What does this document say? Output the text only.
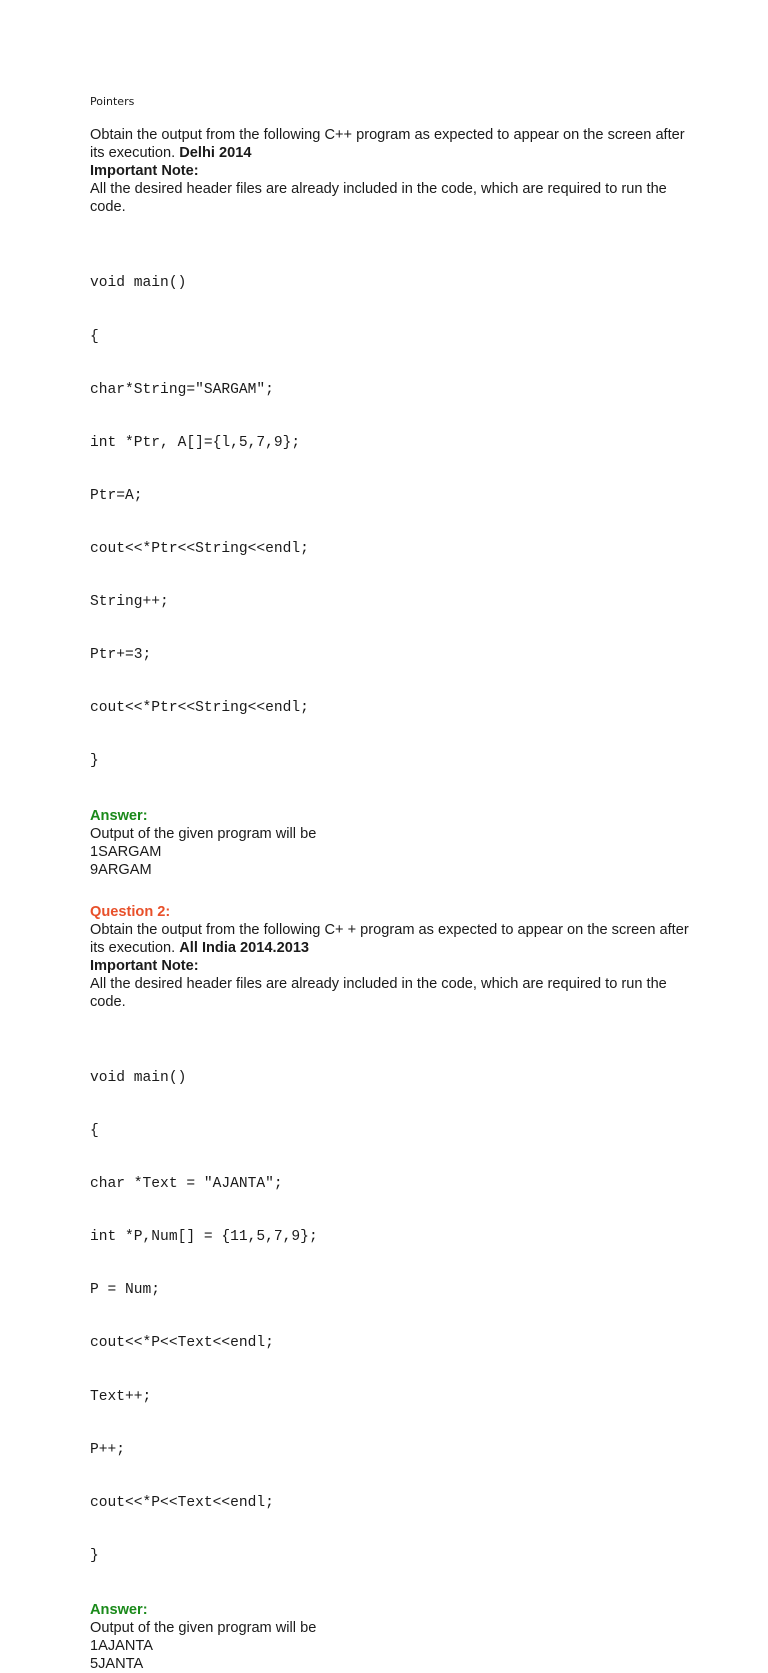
Pointers

Obtain the output from the following C++ program as expected to appear on the screen after its execution. Delhi 2014

Important Note:
All the desired header files are already included in the code, which are required to run the code.

void main()

{

char*String="SARGAM";

int *Ptr, A[]={l,5,7,9};

Ptr=A;

cout<<*Ptr<<String<<endl;

String++;

Ptr+=3;

cout<<*Ptr<<String<<endl;

}

Answer:
Output of the given program will be
1SARGAM
9ARGAM
Question 2:

Obtain the output from the following C+ + program as expected to appear on the screen after its execution. All India 2014.2013

Important Note:
All the desired header files are already included in the code, which are required to run the code.

void main()

{

char *Text = "AJANTA";

int *P,Num[] = {11,5,7,9};

P = Num;

cout<<*P<<Text<<endl;

Text++;

P++;

cout<<*P<<Text<<endl;

}

Answer:
Output of the given program will be
1AJANTA
5JANTA
